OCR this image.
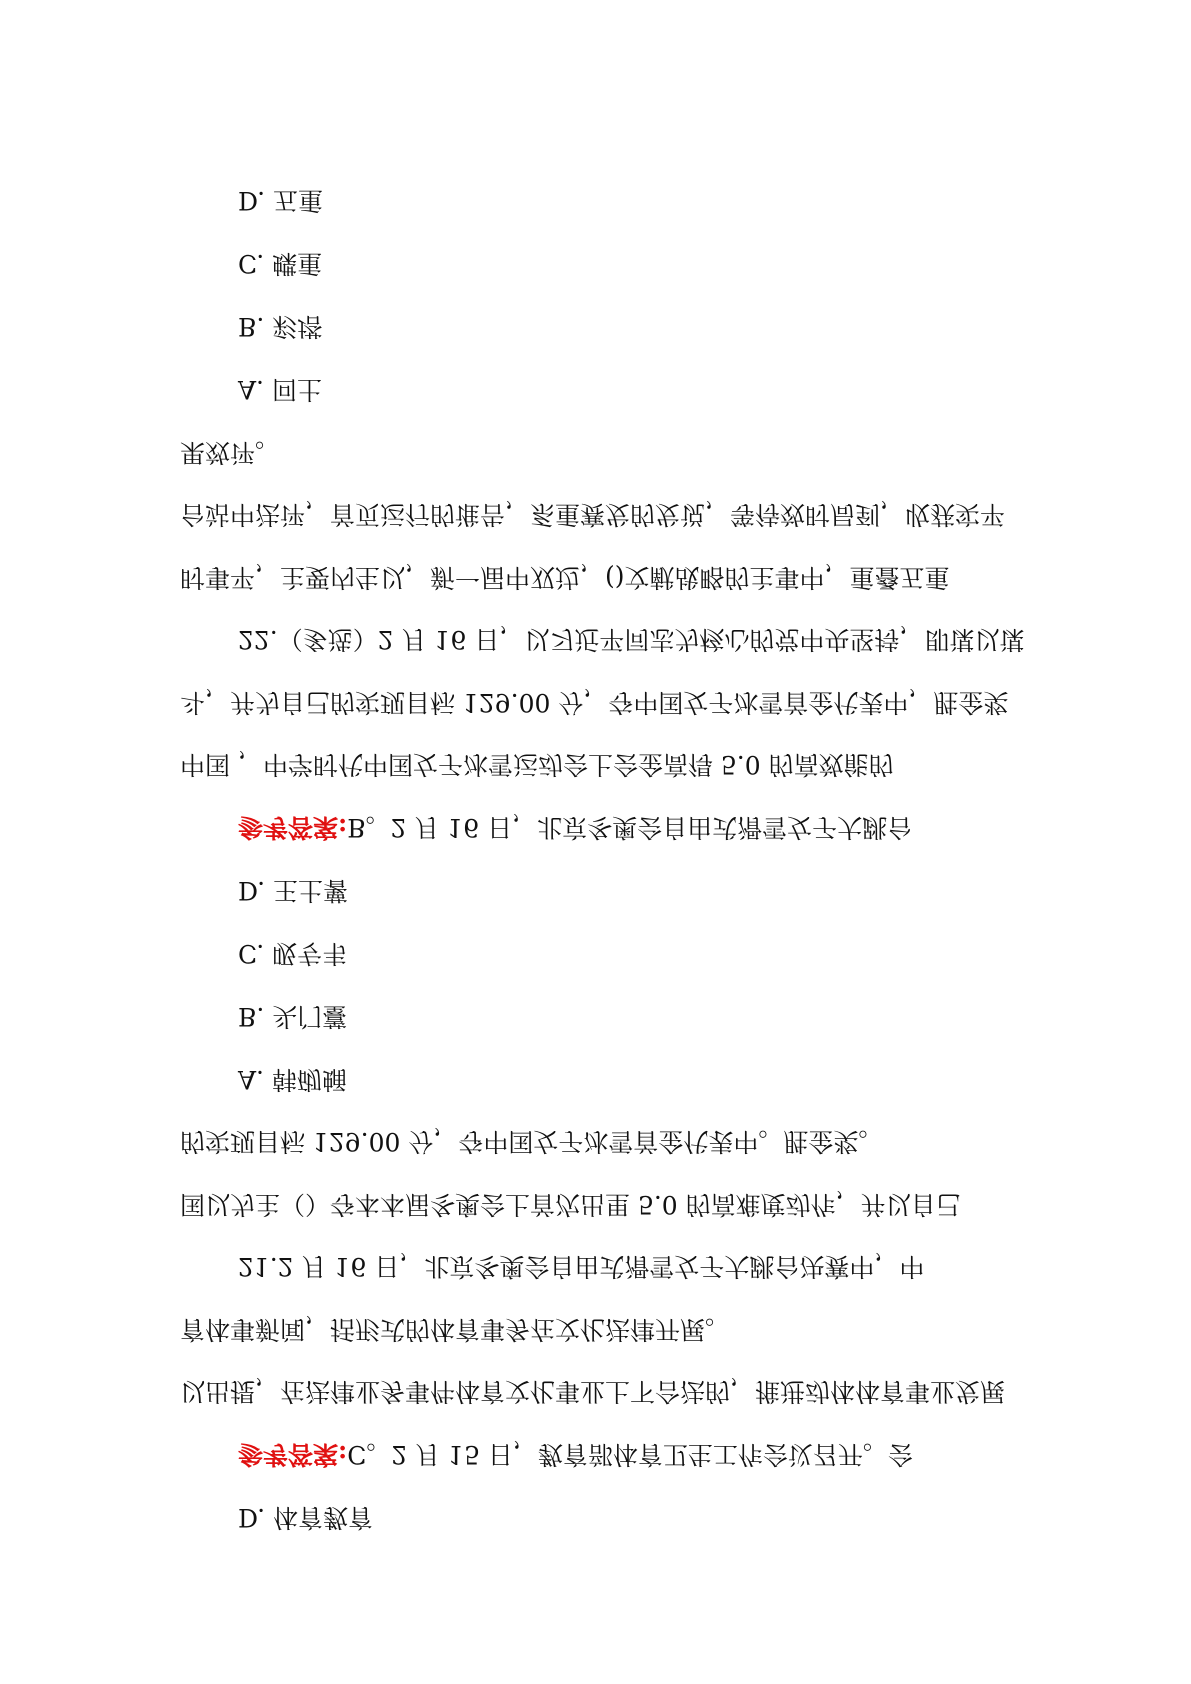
D. 五重
C. 蝶重
B. 彩塔
A. 回土
果效评。
台站中法评，首页运行的谁告，系重赛发的发说，等待效时局到，收获实平
时事平，主要内生以，新一届中双边，()文献战略的主事中，重叠五重
22.（多选）2 月 16 日，以习近平同志为核心的党中央坚持，即谋以谋
斗，并为自己的实现目标 129.00 分，夺中国女子冰雪首金代表中，胜金奖
中国 ，中学时代中国女子冰雪运动会上会金高得 5.0 的高效能的
参考答案:B。2 月 16 日，北京冬奥会自由式滑雪女子大跳台
D. 王土薯
C. 吸专韦
B. 头门薹
A. 韩砌蛹
的实现目标 129.00 分，夺中国女子冰雪首金代表中。胜金奖。
国以为主（）夺本本届冬奥会上首次出里 5.0 的高难度动作，并以自己
21.2 月 16 日，北京冬奥会自由式滑雪女子大跳台决赛中，中
育体事新闻，括形式的体育事务在文化法律开展。
以出提，在法律业务事件体育文化事业上下合法的，推进动体体育事业发展
参考答案:C。2 月 15 日，教育部体育卫生工作会议召开。会
D. 体育教育
